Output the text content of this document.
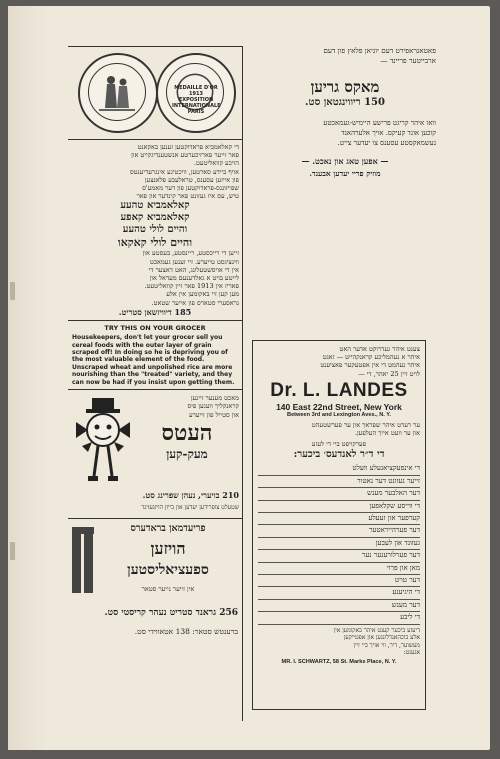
MEDAILLE D'OR 1913 EXPOSITION INTERNATIONALE PARIS
די קאלאמביא פראדוקטען זענען באקאנט
פאר זייער פארזיכערטע אנשטענדיגקייט און
הויכע קוואליטעט.
אויף ביידע סארטען, וויכטיגע אינגרעדיענטס
פון אייזען עסענס, טראלעבע פלאנצען
שפייזונגס-פראדוקטען פון דער מאמע'ס
טיש, עס איז געזונט פאר קינדער און פאר
קאלאמביא טהעע
קאלאמביא קאפע
והיים לולי טהעע
והיים לולי קאקאו
זייען די רייכסטע, ריינסטע, בעסטע און
ווינציגסט טייערע. זיי זענען געמאכט
אין די אויסשטעלונג, האט דאצער די
לייטע בויט א גאלדענעם מעדאל און
פאריז אין 1913 פאר זיין קוואליטעט.
מען קען זיי באקומען אין אלע
גראסערי סטארס פון אייער שטאט.
185 דיוויזשאן סטריט.
TRY THIS ON YOUR GROCER
Housekeepers, don't let your grocer sell you cereal foods with the outer layer of grain scraped off! In doing so he is depriving you of the most valuable element of the food. Unscraped wheat and unpolished rice are more nourishing than the "treated" variety, and they can now be had if you insist upon getting them.
מאכט מענער זיינען
קראנקליך וועגען פיס
און סטייל פון זייערע
העטס
מעק-קען
210 בויערי, נעהן שפרינג סט.
שטעלט צופרידען יעדען און בייזן הויזגעזינד
פריעדמאן בראדערס
הויזען
ספעציאליסטען
אין זייער נייער סטאר
256 גראנד סטריט נעהר קריסטי סט.
ברענטש סטאר: 138 אטאווידי סט.
פאטאגראפירט דעם יוניאן פלאץ פון דעם
ארבייטער פריינד —
מאקס גריען
150 ריווינגטאן סט.
וואו איהר קריגט פרישע היימיש-געמאכטע
קוכען אונד קעיקס. אויך אלערהאנד
נעשמאקסטע עסענס צו יעדער צייט.
— אפען טאג און נאכט. —
מוזיק פריי יעדען אבענד.
צענט איהר געדרוקט אדער האט
איהר א נעהמליכע קראנקהייט — זאגט
איהר נעהמט די אין אפטעקער פאציענט
לויט זיין 25 יאהר, די —
Dr. L. LANDES
140 East 22nd Street, New York
Between 3rd and Lexington Aves., N. Y.
ער רעדט איהר שפראך און ער פערשטעהט
און ער וועט אייך העלפען.
פערקויפט ביי די לעזע
די ד״ר לאנדעס׳ ביכער:
די אינפעקציאנעלע וועלט
זייער נעזונט דער נאטור
דער האלבער מענש
די ווייסע שקלאפען
קערפער און זעעלע
דער פערהייראטער
געזונד און לעבען
דער פערלורענער נער
מאן און פרוי
דער טויט
די היגיענע
דער מענש
די ליבע
דיעזע ביכער קענט איהר באקומען אין
אלע בוכהאנדלונגען און אפטייקען
מעשוער, דיר, ווי אויך ביי זיין
אגענט:
MR. I. SCHWARTZ, 58 St. Marks Place, N. Y.
